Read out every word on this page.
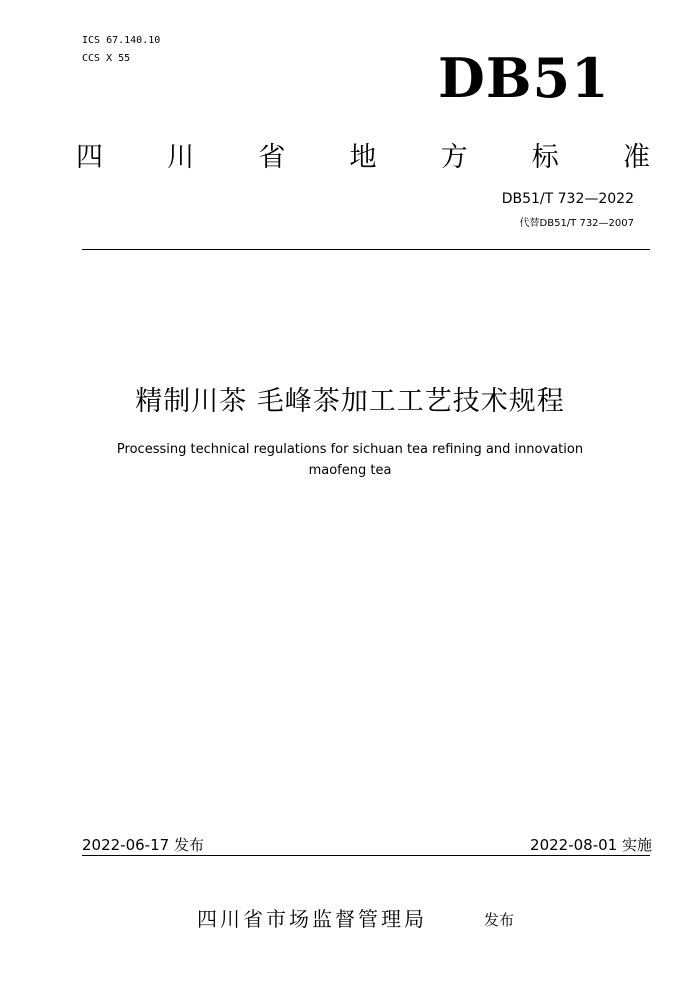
ICS 67.140.10
CCS X 55	DB51
四 川 省 地 方 标 准
DB51/T 732—2022
代替DB51/T 732—2007
精制川茶 毛峰茶加工工艺技术规程
Processing technical regulations for sichuan tea refining and innovation
maofeng tea
2022-06-17 发布	2022-08-01 实施
四川省市场监督管理局	发布
